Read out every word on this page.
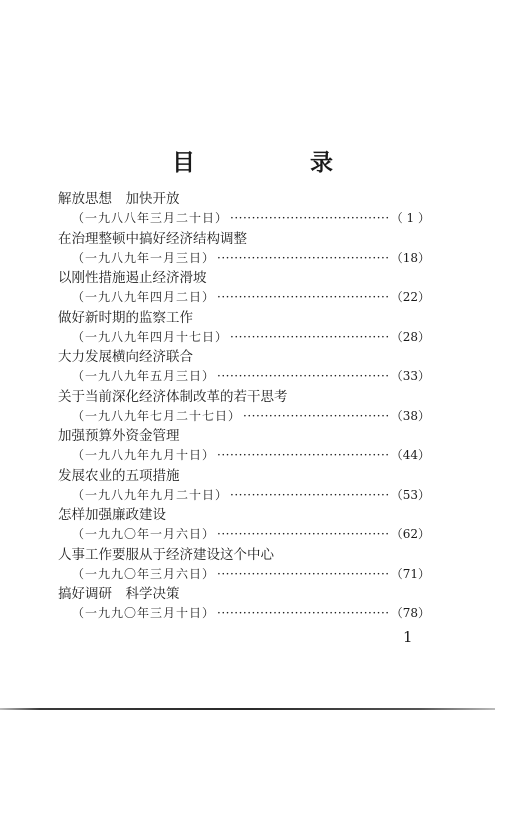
目　录
解放思想　加快开放
（一九八八年三月二十日） ·····	（ 1 ）
在治理整顿中搞好经济结构调整
（一九八九年一月三日） ·····	（18）
以刚性措施遏止经济滑坡
（一九八九年四月二日） ·····	（22）
做好新时期的监察工作
（一九八九年四月十七日） ·····	（28）
大力发展横向经济联合
（一九八九年五月三日） ·····	（33）
关于当前深化经济体制改革的若干思考
（一九八九年七月二十七日） ·····	（38）
加强预算外资金管理
（一九八九年九月十日） ·····	（44）
发展农业的五项措施
（一九八九年九月二十日） ·····	（53）
怎样加强廉政建设
（一九九〇年一月六日） ·····	（62）
人事工作要服从于经济建设这个中心
（一九九〇年三月六日） ·····	（71）
搞好调研　科学决策
（一九九〇年三月十日） ·····	（78）
1
